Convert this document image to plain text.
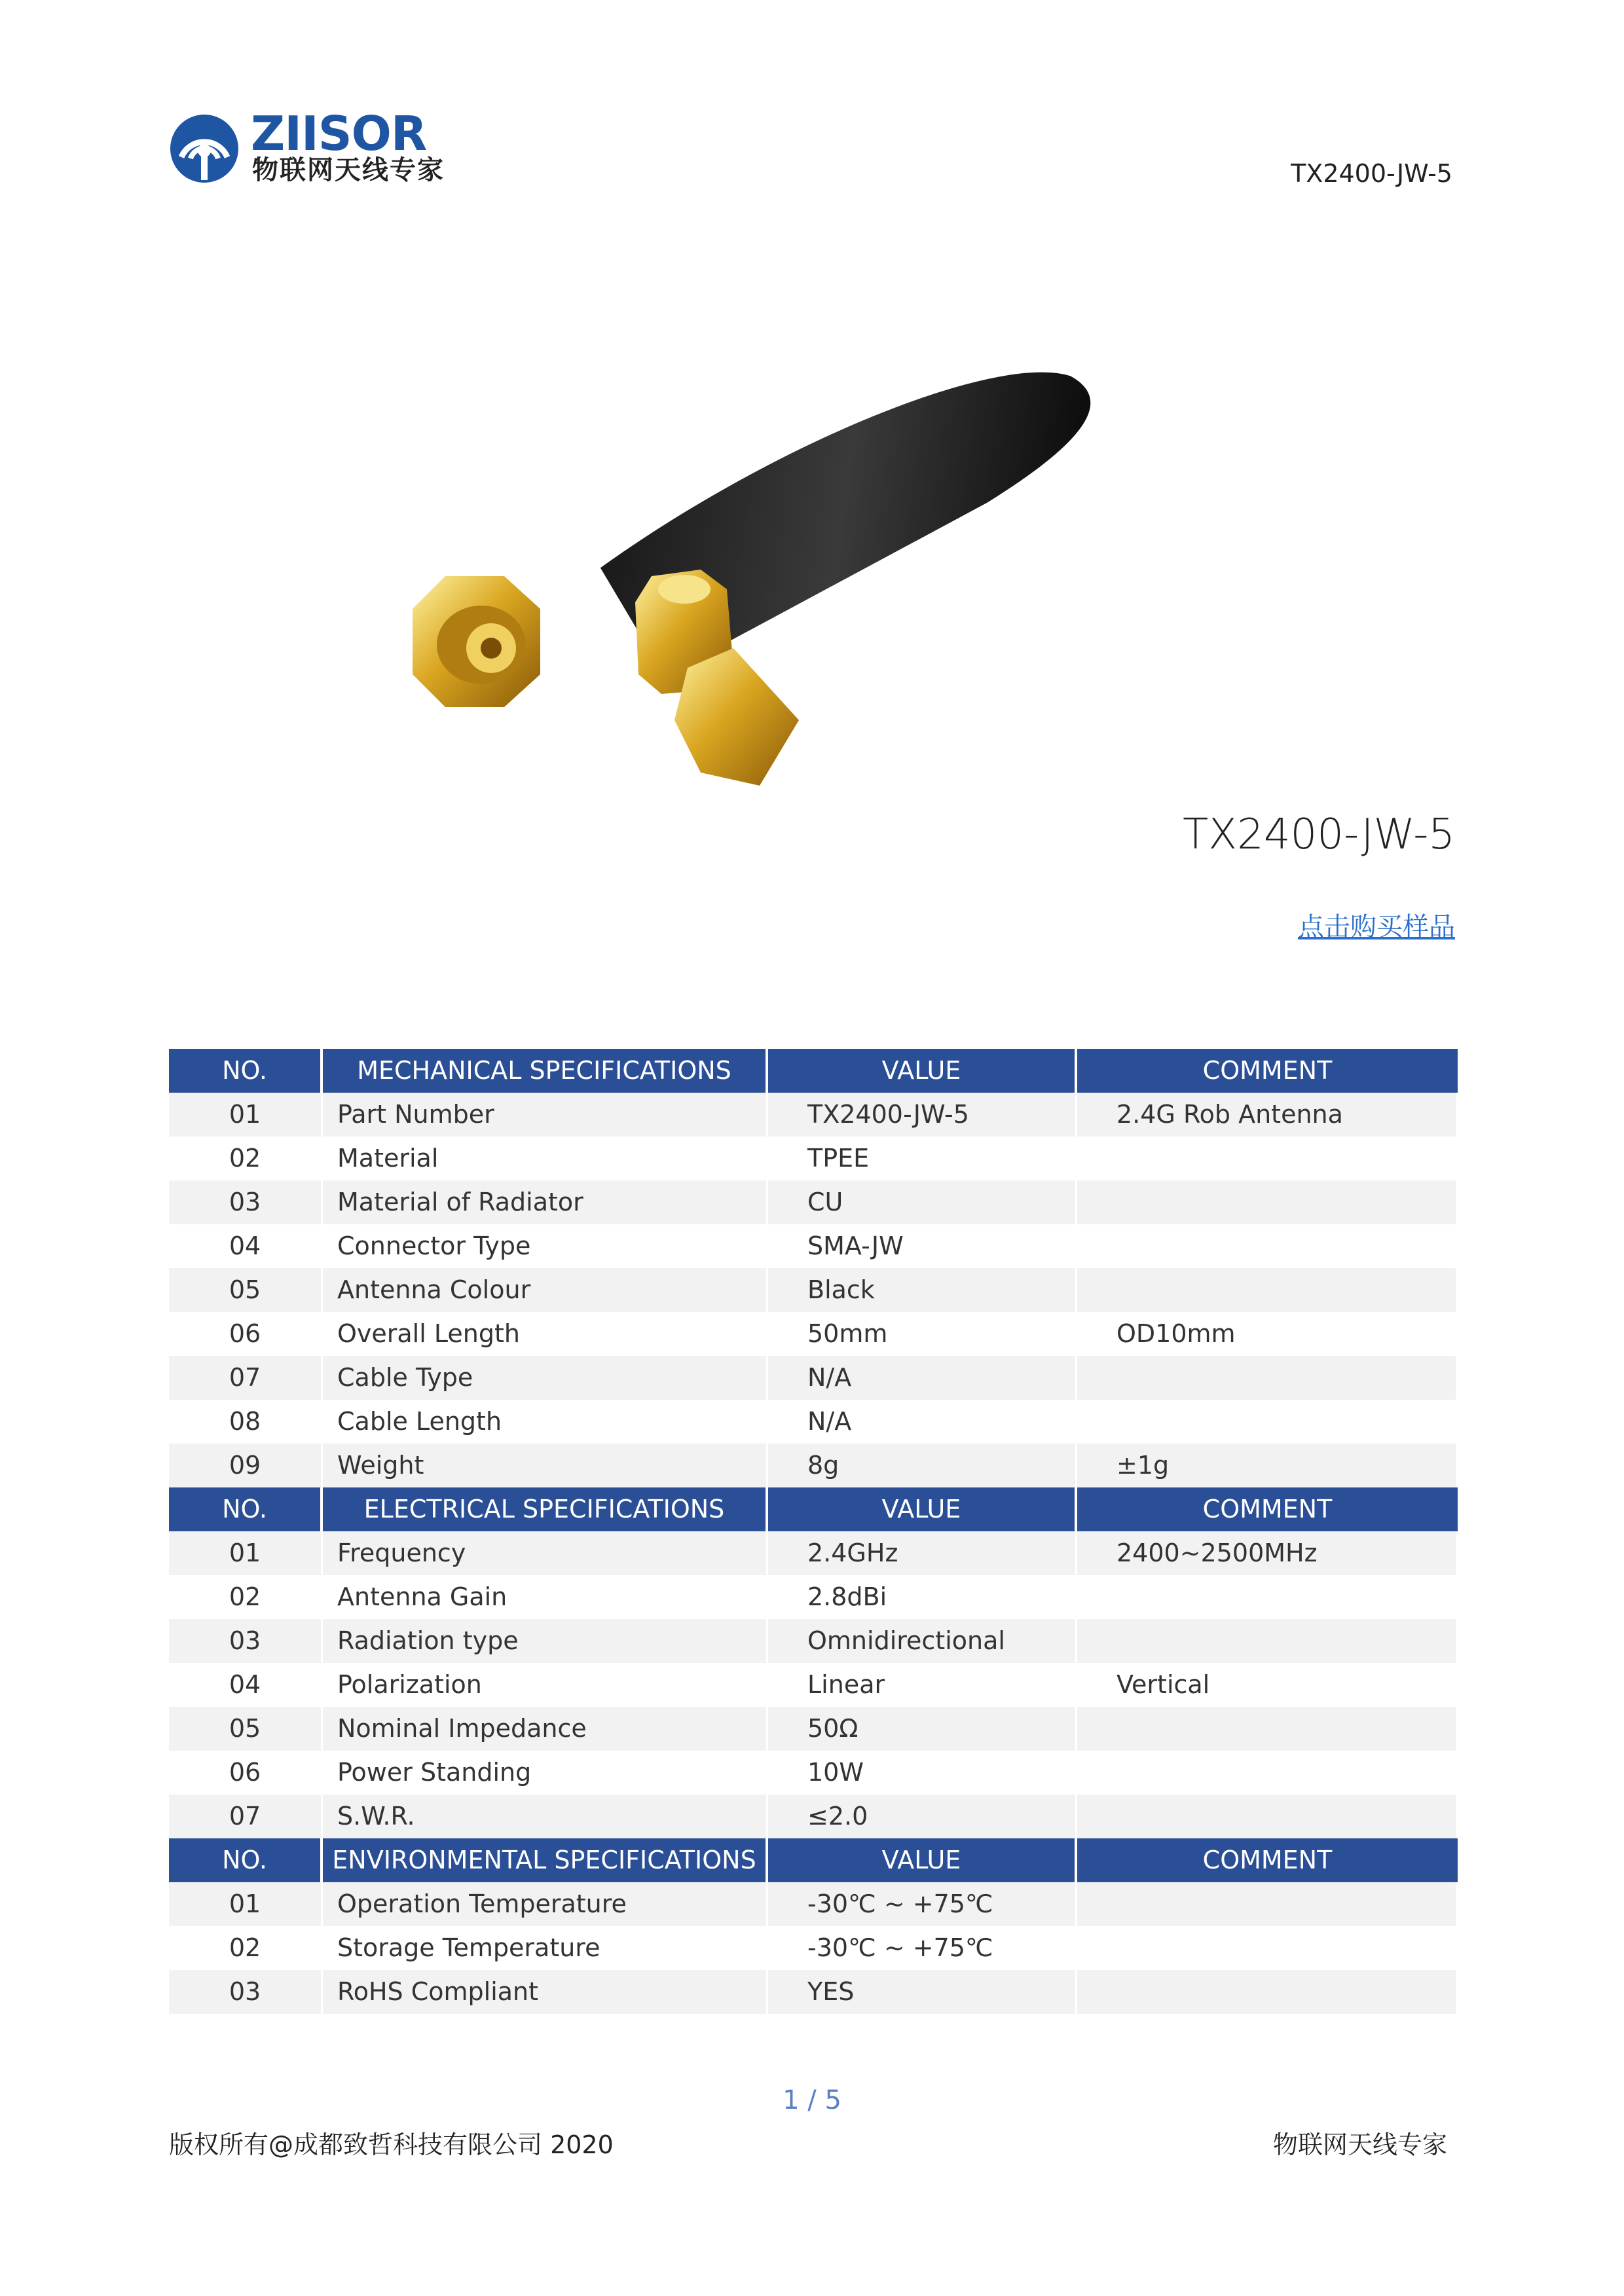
ZIISOR
物联网天线专家	TX2400-JW-5
TX2400-JW-5
点击购买样品
NO.	MECHANICAL SPECIFICATIONS	VALUE	COMMENT
01	Part Number	TX2400-JW-5	2.4G Rob Antenna
02	Material	TPEE
03	Material of Radiator	CU
04	Connector Type	SMA-JW
05	Antenna Colour	Black
06	Overall Length	50mm	OD10mm
07	Cable Type	N/A
08	Cable Length	N/A
09	Weight	8g	±1g
NO.	ELECTRICAL SPECIFICATIONS	VALUE	COMMENT
01	Frequency	2.4GHz	2400~2500MHz
02	Antenna Gain	2.8dBi
03	Radiation type	Omnidirectional
04	Polarization	Linear	Vertical
05	Nominal Impedance	50Ω
06	Power Standing	10W
07	S.W.R.	≤2.0
NO.	ENVIRONMENTAL SPECIFICATIONS	VALUE	COMMENT
01	Operation Temperature	-30℃ ~ +75℃
02	Storage Temperature	-30℃ ~ +75℃
03	RoHS Compliant	YES
1 / 5
版权所有@成都致哲科技有限公司 2020	物联网天线专家
